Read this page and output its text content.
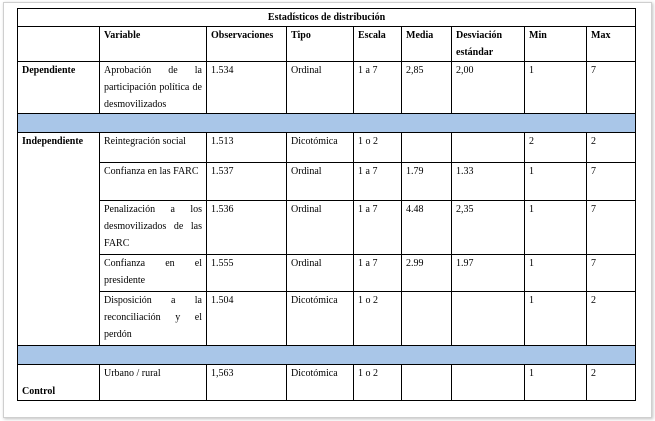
Estadísticos de distribución								
	Variable	Observaciones	Tipo	Escala	Media	Desviación estándar	Min	Max
Dependiente	Aprobación de la participación política de desmovilizados	1.534	Ordinal	1 a 7	2,85	2,00	1	7

Independiente	Reintegración social	1.513	Dicotómica	1 o 2			2	2
	Confianza en las FARC	1.537	Ordinal	1 a 7	1.79	1.33	1	7
	Penalización a los desmovilizados de las FARC	1.536	Ordinal	1 a 7	4.48	2,35	1	7
	Confianza en el presidente	1.555	Ordinal	1 a 7	2.99	1.97	1	7
	Disposición a la reconciliación y el perdón	1.504	Dicotómica	1 o 2			1	2

Control	Urbano / rural	1,563	Dicotómica	1 o 2			1	2
